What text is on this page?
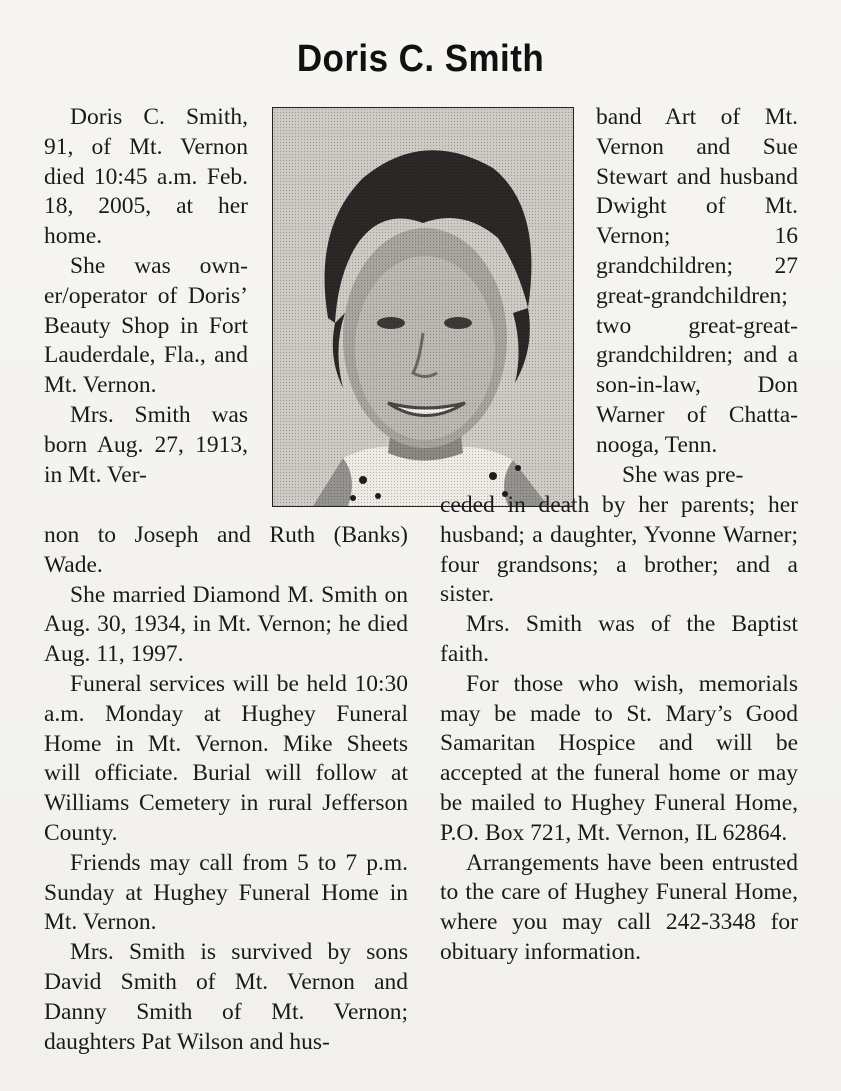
Doris C. Smith

Doris C. Smith, 91, of Mt. Vernon died 10:45 a.m. Feb. 18, 2005, at her home.

She was owner/operator of Doris’ Beauty Shop in Fort Lauderdale, Fla., and Mt. Vernon.

Mrs. Smith was born Aug. 27, 1913, in Mt. Ver-

band Art of Mt. Vernon and Sue Stewart and husband Dwight of Mt. Vernon; 16 grandchildren; 27 great-grandchildren; two great-great-grandchildren; and a son-in-law, Don Warner of Chattanooga, Tenn.

She was pre-

non to Joseph and Ruth (Banks) Wade.

She married Diamond M. Smith on Aug. 30, 1934, in Mt. Vernon; he died Aug. 11, 1997.

Funeral services will be held 10:30 a.m. Monday at Hughey Funeral Home in Mt. Vernon. Mike Sheets will officiate. Burial will follow at Williams Cemetery in rural Jefferson County.

Friends may call from 5 to 7 p.m. Sunday at Hughey Funeral Home in Mt. Vernon.

Mrs. Smith is survived by sons David Smith of Mt. Vernon and Danny Smith of Mt. Vernon; daughters Pat Wilson and hus-

ceded in death by her parents; her husband; a daughter, Yvonne Warner; four grandsons; a brother; and a sister.

Mrs. Smith was of the Baptist faith.

For those who wish, memorials may be made to St. Mary’s Good Samaritan Hospice and will be accepted at the funeral home or may be mailed to Hughey Funeral Home, P.O. Box 721, Mt. Vernon, IL 62864.

Arrangements have been entrusted to the care of Hughey Funeral Home, where you may call 242-3348 for obituary information.
